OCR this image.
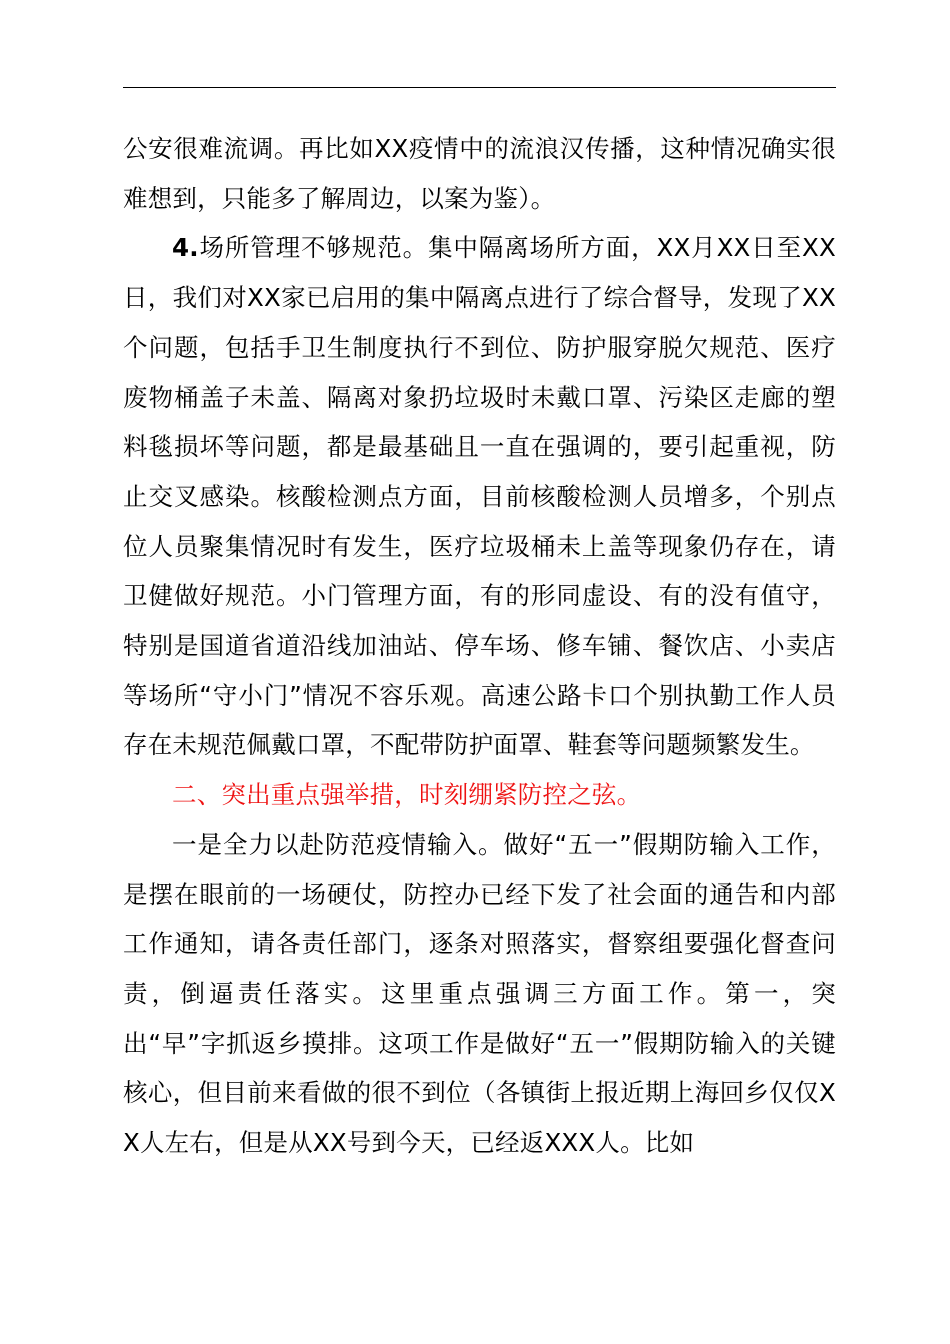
公安很难流调。再比如XX疫情中的流浪汉传播，这种情况确实很难想到，只能多了解周边，以案为鉴）。

4.场所管理不够规范。集中隔离场所方面，XX月XX日至XX日，我们对XX家已启用的集中隔离点进行了综合督导，发现了XX个问题，包括手卫生制度执行不到位、防护服穿脱欠规范、医疗废物桶盖子未盖、隔离对象扔垃圾时未戴口罩、污染区走廊的塑料毯损坏等问题，都是最基础且一直在强调的，要引起重视，防止交叉感染。核酸检测点方面，目前核酸检测人员增多，个别点位人员聚集情况时有发生，医疗垃圾桶未上盖等现象仍存在，请卫健做好规范。小门管理方面，有的形同虚设、有的没有值守，特别是国道省道沿线加油站、停车场、修车铺、餐饮店、小卖店等场所“守小门”情况不容乐观。高速公路卡口个别执勤工作人员存在未规范佩戴口罩，不配带防护面罩、鞋套等问题频繁发生。

二、突出重点强举措，时刻绷紧防控之弦。

一是全力以赴防范疫情输入。做好“五一”假期防输入工作，是摆在眼前的一场硬仗，防控办已经下发了社会面的通告和内部工作通知，请各责任部门，逐条对照落实，督察组要强化督查问责，倒逼责任落实。这里重点强调三方面工作。第一，突出“早”字抓返乡摸排。这项工作是做好“五一”假期防输入的关键核心，但目前来看做的很不到位（各镇街上报近期上海回乡仅仅XX人左右，但是从XX号到今天，已经返XXX人。比如
